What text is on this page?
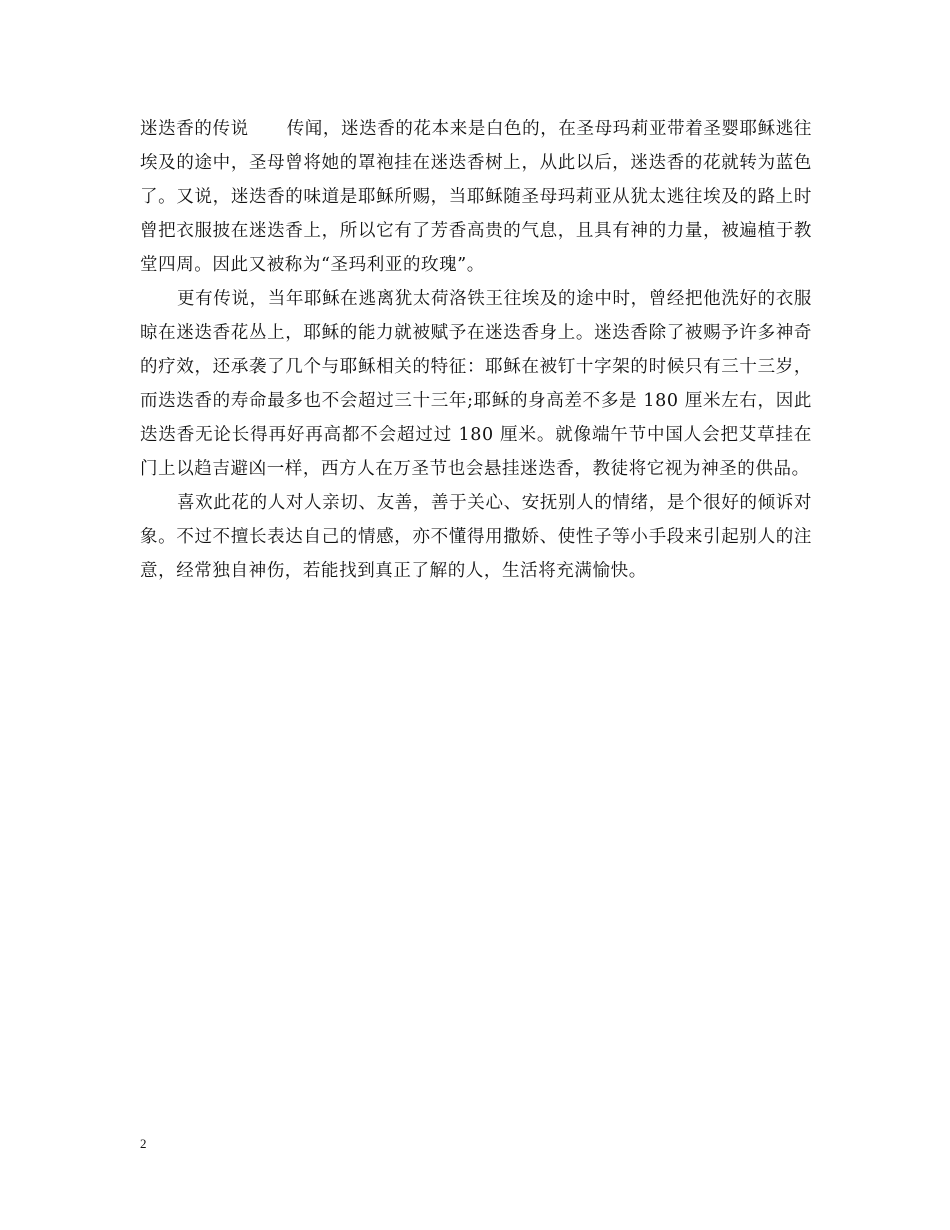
迷迭香的传说 传闻，迷迭香的花本来是白色的，在圣母玛莉亚带着圣婴耶稣逃往埃及的途中，圣母曾将她的罩袍挂在迷迭香树上，从此以后，迷迭香的花就转为蓝色了。又说，迷迭香的味道是耶稣所赐，当耶稣随圣母玛莉亚从犹太逃往埃及的路上时曾把衣服披在迷迭香上，所以它有了芳香高贵的气息，且具有神的力量，被遍植于教堂四周。因此又被称为“圣玛利亚的玫瑰”。

更有传说，当年耶稣在逃离犹太荷洛铁王往埃及的途中时，曾经把他洗好的衣服晾在迷迭香花丛上，耶稣的能力就被赋予在迷迭香身上。迷迭香除了被赐予许多神奇的疗效，还承袭了几个与耶稣相关的特征：耶稣在被钉十字架的时候只有三十三岁，而迭迭香的寿命最多也不会超过三十三年;耶稣的身高差不多是 180 厘米左右，因此迭迭香无论长得再好再高都不会超过过 180 厘米。就像端午节中国人会把艾草挂在门上以趋吉避凶一样，西方人在万圣节也会悬挂迷迭香，教徒将它视为神圣的供品。

喜欢此花的人对人亲切、友善，善于关心、安抚别人的情绪，是个很好的倾诉对象。不过不擅长表达自己的情感，亦不懂得用撒娇、使性子等小手段来引起别人的注意，经常独自神伤，若能找到真正了解的人，生活将充满愉快。

2
